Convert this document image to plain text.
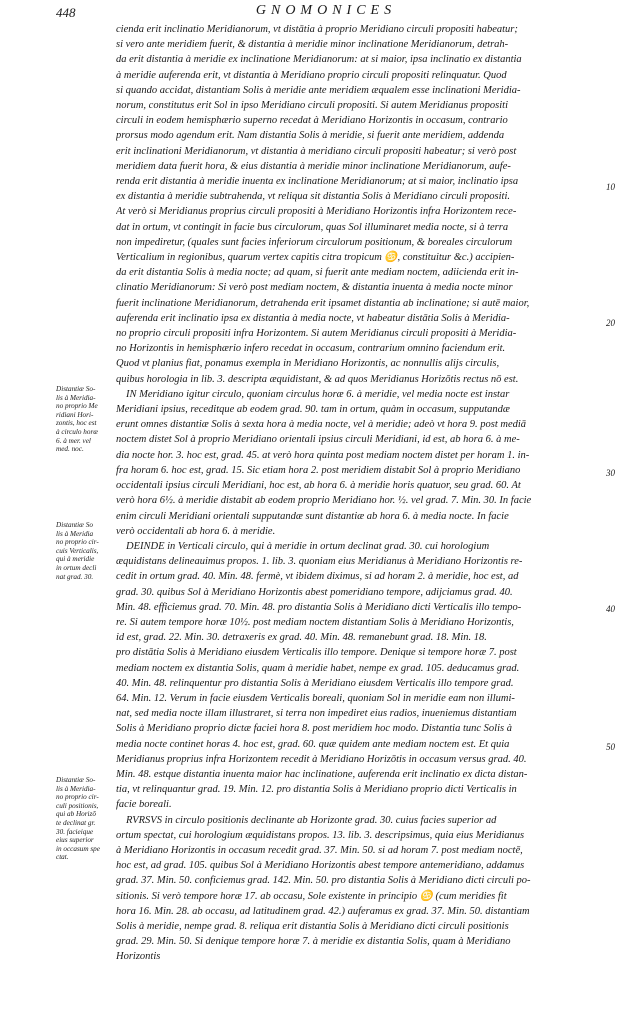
448	GNOMONICES
cienda erit inclinatio Meridianorum, vt distātia à proprio Meridiano circuli propositi habeatur;
si vero ante meridiem fuerit, & distantia à meridie minor inclinatione Meridianorum, detrah-
da erit distantia à meridie ex inclinatione Meridianorum: at si maior, ipsa inclinatio ex distantia
à meridie auferenda erit, vt distantia à Meridiano proprio circuli propositi relinquatur. Quod
si quando accidat, distantiam Solis à meridie ante meridiem æqualem esse inclinationi Meridia-
norum, constitutus erit Sol in ipso Meridiano circuli propositi. Si autem Meridianus propositi
circuli in eodem hemisphærio superno recedat à Meridiano Horizontis in occasum, contrario
prorsus modo agendum erit. Nam distantia Solis à meridie, si fuerit ante meridiem, addenda
erit inclinationi Meridianorum, vt distantia à meridiano circuli propositi habeatur; si verò post
meridiem data fuerit hora, & eius distantia à meridie minor inclinatione Meridianorum, aufe-
renda erit distantia à meridie inuenta ex inclinatione Meridianorum; at si maior, inclinatio ipsa
ex distantia à meridie subtrahenda, vt reliqua sit distantia Solis à Meridiano circuli propositi.
At verò si Meridianus proprius circuli propositi à Meridiano Horizontis infra Horizontem rece-
dat in ortum, vt contingit in facie bus circulorum, quas Sol illuminaret media nocte, si à terra
non impediretur, (quales sunt facies inferiorum circulorum positionum, & boreales circulorum
Verticalium in regionibus, quarum vertex capitis citra tropicum ♋, constituitur &c.) accipien-
da erit distantia Solis à media nocte; ad quam, si fuerit ante mediam noctem, adiicienda erit in-
clinatio Meridianorum: Si verò post mediam noctem, & distantia inuenta à media nocte minor
fuerit inclinatione Meridianorum, detrahenda erit ipsamet distantia ab inclinatione; si autē maior,
auferenda erit inclinatio ipsa ex distantia à media nocte, vt habeatur distātia Solis à Meridia-
no proprio circuli propositi infra Horizontem. Si autem Meridianus circuli propositi à Meridia-
no Horizontis in hemisphærio infero recedat in occasum, contrarium omnino faciendum erit.
Quod vt planius fiat, ponamus exempla in Meridiano Horizontis, ac nonnullis alijs circulis,
quibus horologia in lib. 3. descripta æquidistant, & ad quos Meridianus Horizōtis rectus nō est.
IN Meridiano igitur circulo, quoniam circulus horæ 6. à meridie, vel media nocte est instar
Meridiani ipsius, receditque ab eodem grad. 90. tam in ortum, quàm in occasum, supputandæ
erunt omnes distantiæ Solis à sexta hora à media nocte, vel à meridie; adeò vt hora 9. post mediā
noctem distet Sol à proprio Meridiano orientali ipsius circuli Meridiani, id est, ab hora 6. à me-
dia nocte hor. 3. hoc est, grad. 45. at verò hora quinta post mediam noctem distet per horam 1. in-
fra horam 6. hoc est, grad. 15. Sic etiam hora 2. post meridiem distabit Sol à proprio Meridiano
occidentali ipsius circuli Meridiani, hoc est, ab hora 6. à meridie horis quatuor, seu grad. 60. At
verò hora 6½. à meridie distabit ab eodem proprio Meridiano hor. ½. vel grad. 7. Min. 30. In facie
enim circuli Meridiani orientali supputandæ sunt distantiæ ab hora 6. à media nocte. In facie
verò occidentali ab hora 6. à meridie.
DEINDE in Verticali circulo, qui à meridie in ortum declinat grad. 30. cui horologium
æquidistans delineauimus propos. 1. lib. 3. quoniam eius Meridianus à Meridiano Horizontis re-
cedit in ortum grad. 40. Min. 48. fermè, vt ibidem diximus, si ad horam 2. à meridie, hoc est, ad
grad. 30. quibus Sol à Meridiano Horizontis abest pomeridiano tempore, adijciamus grad. 40.
Min. 48. efficiemus grad. 70. Min. 48. pro distantia Solis à Meridiano dicti Verticalis illo tempo-
re. Si autem tempore horæ 10½. post mediam noctem distantiam Solis à Meridiano Horizontis,
id est, grad. 22. Min. 30. detraxeris ex grad. 40. Min. 48. remanebunt grad. 18. Min. 18.
pro distātia Solis à Meridiano eiusdem Verticalis illo tempore. Denique si tempore horæ 7. post
mediam noctem ex distantia Solis, quam à meridie habet, nempe ex grad. 105. deducamus grad.
40. Min. 48. relinquentur pro distantia Solis à Meridiano eiusdem Verticalis illo tempore grad.
64. Min. 12. Verum in facie eiusdem Verticalis boreali, quoniam Sol in meridie eam non illumi-
nat, sed media nocte illam illustraret, si terra non impediret eius radios, inueniemus distantiam
Solis à Meridiano proprio dictæ faciei hora 8. post meridiem hoc modo. Distantia tunc Solis à
media nocte continet horas 4. hoc est, grad. 60. quæ quidem ante mediam noctem est. Et quia
Meridianus proprius infra Horizontem recedit à Meridiano Horizōtis in occasum versus grad. 40.
Min. 48. estque distantia inuenta maior hac inclinatione, auferenda erit inclinatio ex dicta distan-
tia, vt relinquantur grad. 19. Min. 12. pro distantia Solis à Meridiano proprio dicti Verticalis in
facie boreali.
RVRSVS in circulo positionis declinante ab Horizonte grad. 30. cuius facies superior ad
ortum spectat, cui horologium æquidistans propos. 13. lib. 3. descripsimus, quia eius Meridianus
à Meridiano Horizontis in occasum recedit grad. 37. Min. 50. si ad horam 7. post mediam noctē,
hoc est, ad grad. 105. quibus Sol à Meridiano Horizontis abest tempore antemeridiano, addamus
grad. 37. Min. 50. conficiemus grad. 142. Min. 50. pro distantia Solis à Meridiano dicti circuli po-
sitionis. Si verò tempore horæ 17. ab occasu, Sole existente in principio ♋ (cum meridies fit
hora 16. Min. 28. ab occasu, ad latitudinem grad. 42.) auferamus ex grad. 37. Min. 50. distantiam
Solis à meridie, nempe grad. 8. reliqua erit distantia Solis à Meridiano dicti circuli positionis
grad. 29. Min. 50. Si denique tempore horæ 7. à meridie ex distantia Solis, quam à Meridiano
Horizontis
Distantiæ So-
lis à Meridia-
no proprio Me
ridiani Hori-
zontis, hoc est
à circulo horæ
6. à mer. vel
med. noc.
Distantiæ So
lis à Meridia
no proprio cir-
cuis Verticalis,
qui à meridie
in ortum decli
nat grad. 30.
Distantiæ So-
lis à Meridia-
no proprio cir-
culi positionis,
qui ab Horizō
te declinat gr.
30. facieique
eius superior
in occasum spe
ctat.
10
20
30
40
50
